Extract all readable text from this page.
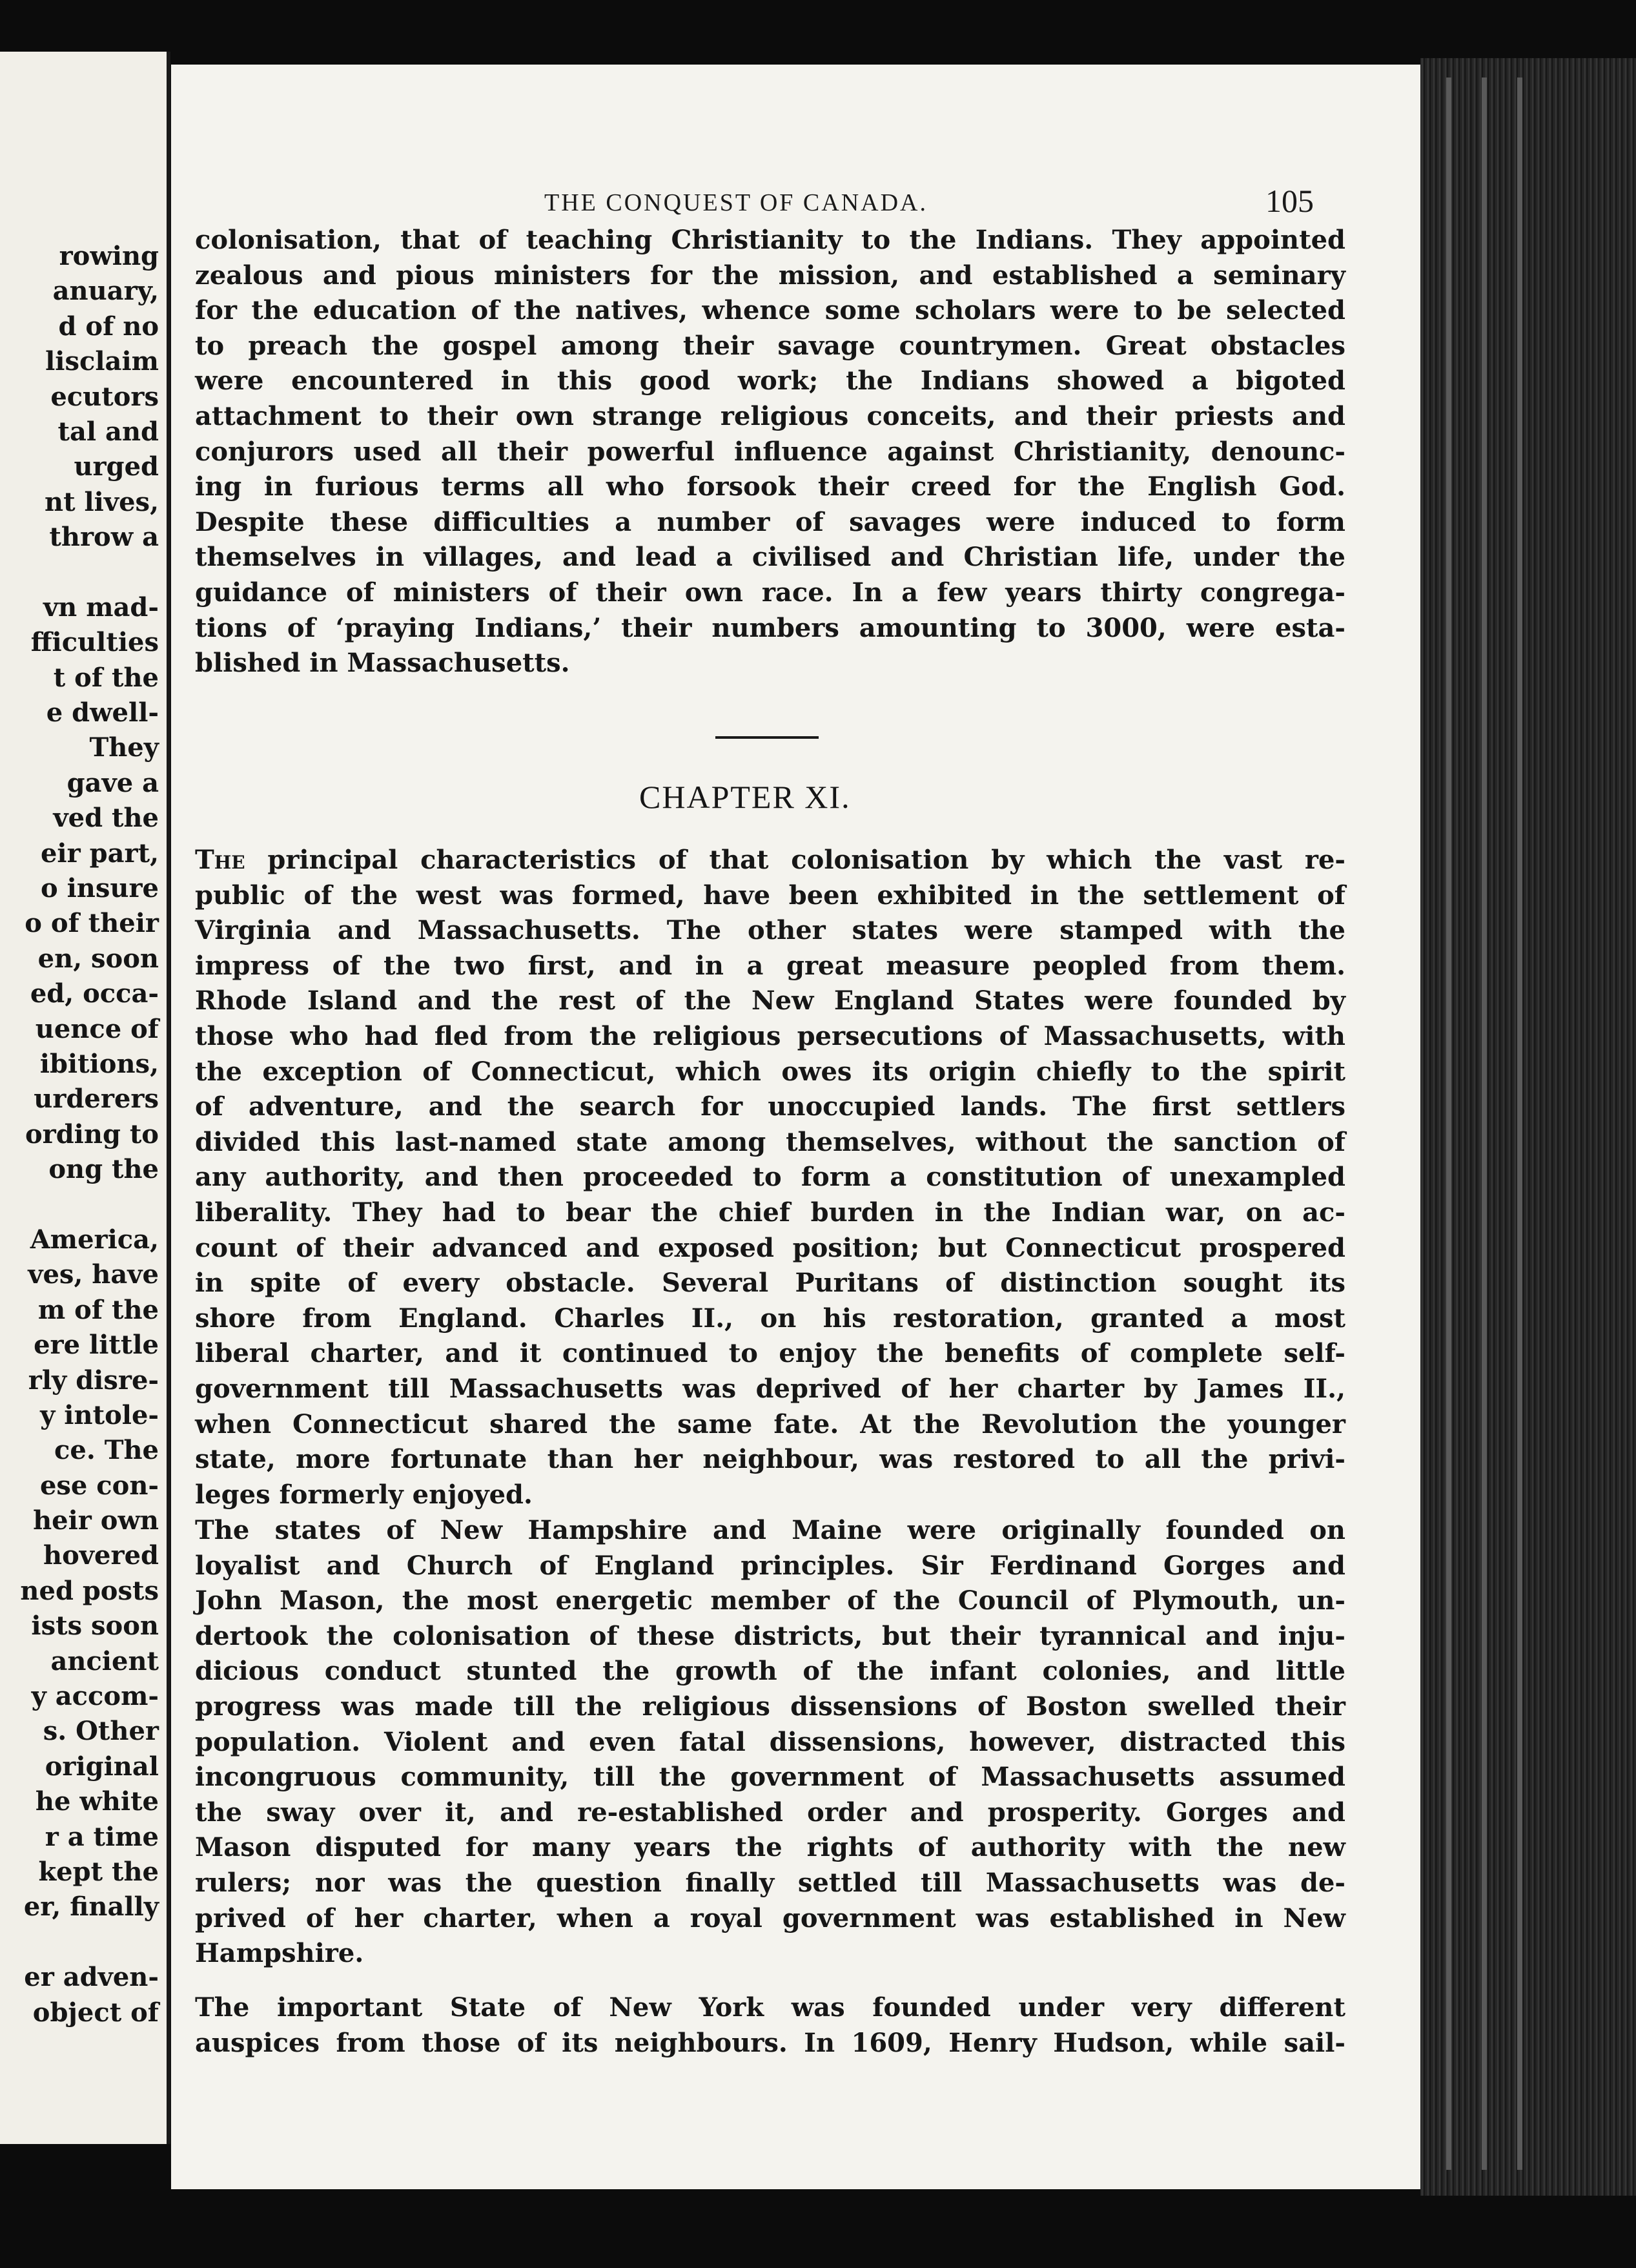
rowing
anuary,
d of no
lisclaim
ecutors
tal and
urged
nt lives,
throw a
vn mad-
fficulties
t of the
e dwell-
They
gave a
ved the
eir part,
o insure
o of their
en, soon
ed, occa-
uence of
ibitions,
urderers
ording to
ong the
America,
ves, have
m of the
ere little
rly disre-
y intole-
ce. The
ese con-
heir own
hovered
ned posts
ists soon
ancient
y accom-
s. Other
original
he white
r a time
kept the
er, finally
er adven-
object of
THE CONQUEST OF CANADA.	105
colonisation, that of teaching Christianity to the Indians. They appointed
zealous and pious ministers for the mission, and established a seminary
for the education of the natives, whence some scholars were to be selected
to preach the gospel among their savage countrymen. Great obstacles
were encountered in this good work; the Indians showed a bigoted
attachment to their own strange religious conceits, and their priests and
conjurors used all their powerful influence against Christianity, denounc-
ing in furious terms all who forsook their creed for the English God.
Despite these difficulties a number of savages were induced to form
themselves in villages, and lead a civilised and Christian life, under the
guidance of ministers of their own race. In a few years thirty congrega-
tions of ‘praying Indians,’ their numbers amounting to 3000, were esta-
blished in Massachusetts.
CHAPTER XI.
The principal characteristics of that colonisation by which the vast re-
public of the west was formed, have been exhibited in the settlement of
Virginia and Massachusetts. The other states were stamped with the
impress of the two first, and in a great measure peopled from them.
Rhode Island and the rest of the New England States were founded by
those who had fled from the religious persecutions of Massachusetts, with
the exception of Connecticut, which owes its origin chiefly to the spirit
of adventure, and the search for unoccupied lands. The first settlers
divided this last-named state among themselves, without the sanction of
any authority, and then proceeded to form a constitution of unexampled
liberality. They had to bear the chief burden in the Indian war, on ac-
count of their advanced and exposed position; but Connecticut prospered
in spite of every obstacle. Several Puritans of distinction sought its
shore from England. Charles II., on his restoration, granted a most
liberal charter, and it continued to enjoy the benefits of complete self-
government till Massachusetts was deprived of her charter by James II.,
when Connecticut shared the same fate. At the Revolution the younger
state, more fortunate than her neighbour, was restored to all the privi-
leges formerly enjoyed.
The states of New Hampshire and Maine were originally founded on
loyalist and Church of England principles. Sir Ferdinand Gorges and
John Mason, the most energetic member of the Council of Plymouth, un-
dertook the colonisation of these districts, but their tyrannical and inju-
dicious conduct stunted the growth of the infant colonies, and little
progress was made till the religious dissensions of Boston swelled their
population. Violent and even fatal dissensions, however, distracted this
incongruous community, till the government of Massachusetts assumed
the sway over it, and re-established order and prosperity. Gorges and
Mason disputed for many years the rights of authority with the new
rulers; nor was the question finally settled till Massachusetts was de-
prived of her charter, when a royal government was established in New
Hampshire.
The important State of New York was founded under very different
auspices from those of its neighbours. In 1609, Henry Hudson, while sail-
